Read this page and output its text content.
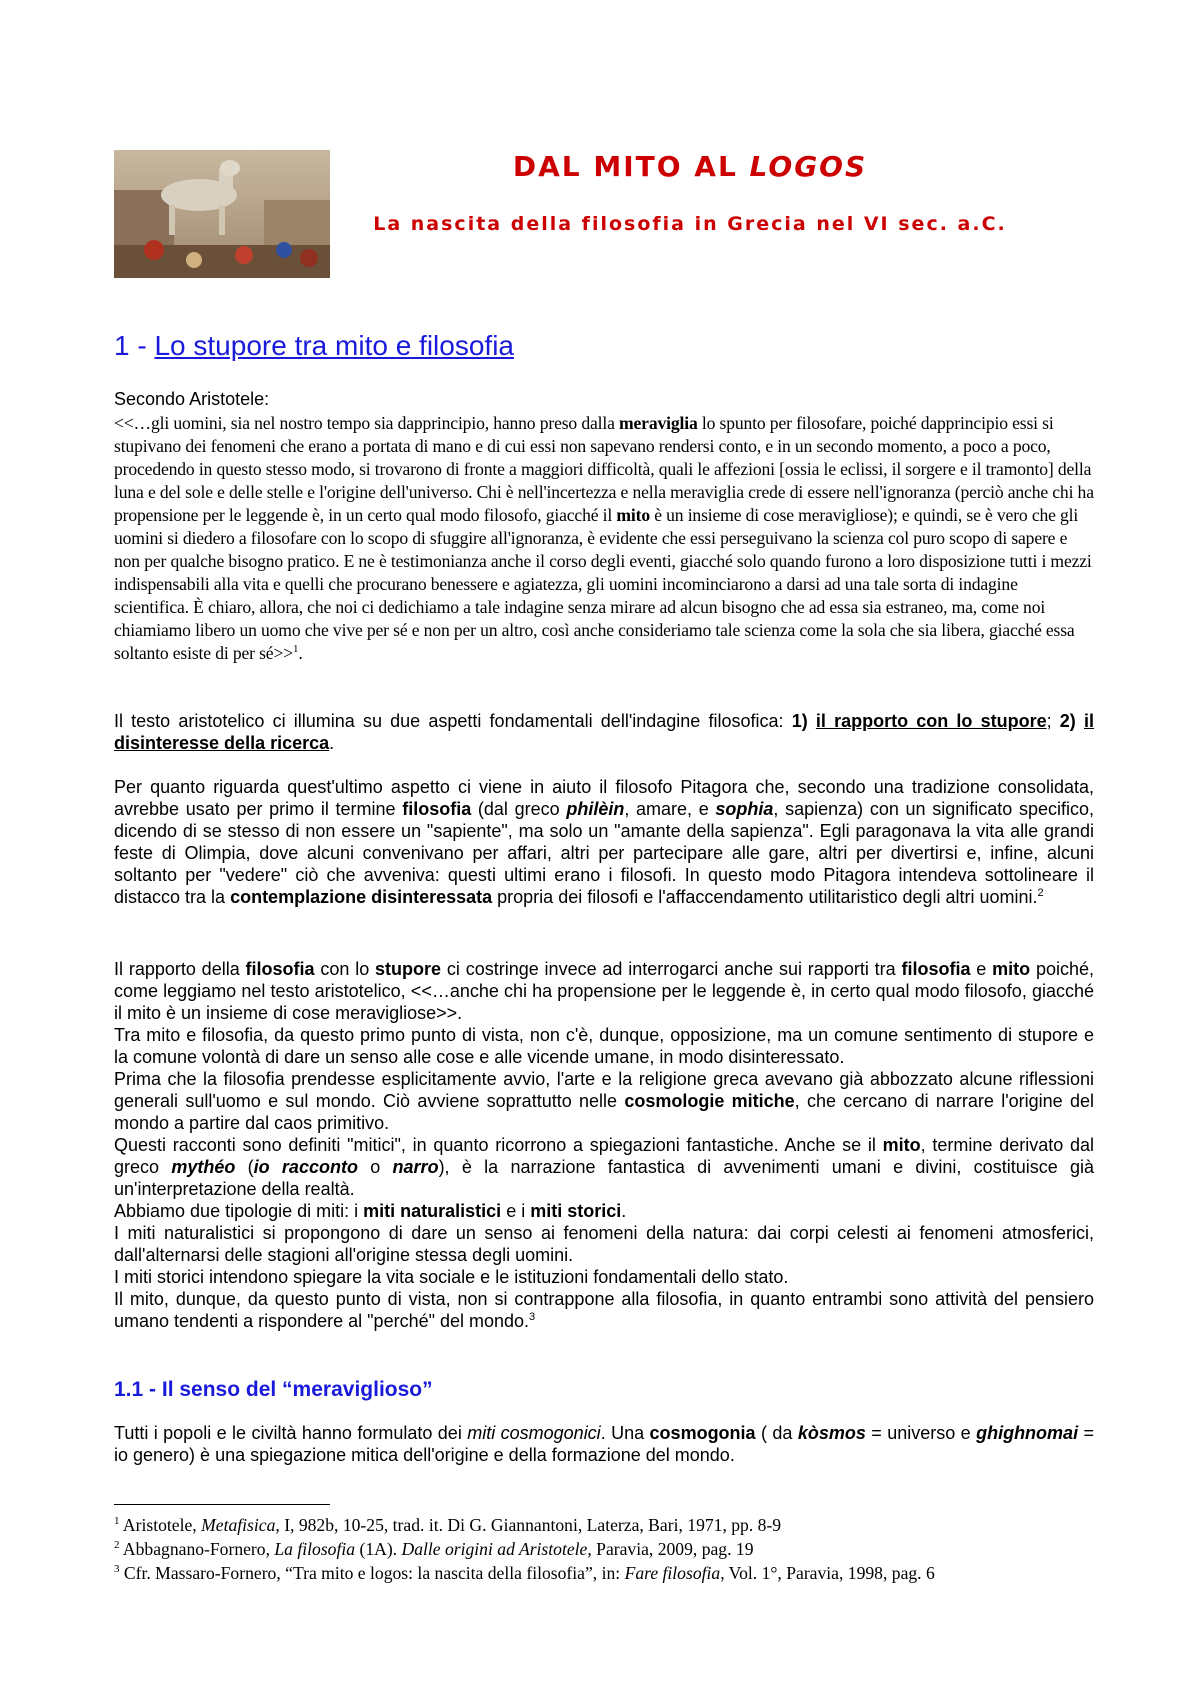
DAL MITO AL LOGOS
La nascita della filosofia in Grecia nel VI sec. a.C.
1 - Lo stupore tra mito e filosofia

Secondo Aristotele:

<<…gli uomini, sia nel nostro tempo sia dapprincipio, hanno preso dalla meraviglia lo spunto per filosofare, poiché dapprincipio essi si stupivano dei fenomeni che erano a portata di mano e di cui essi non sapevano rendersi conto, e in un secondo momento, a poco a poco, procedendo in questo stesso modo, si trovarono di fronte a maggiori difficoltà, quali le affezioni [ossia le eclissi, il sorgere e il tramonto] della luna e del sole e delle stelle e l'origine dell'universo. Chi è nell'incertezza e nella meraviglia crede di essere nell'ignoranza (perciò anche chi ha propensione per le leggende è, in un certo qual modo filosofo, giacché il mito è un insieme di cose meravigliose); e quindi, se è vero che gli uomini si diedero a filosofare con lo scopo di sfuggire all'ignoranza, è evidente che essi perseguivano la scienza col puro scopo di sapere e non per qualche bisogno pratico. E ne è testimonianza anche il corso degli eventi, giacché solo quando furono a loro disposizione tutti i mezzi indispensabili alla vita e quelli che procurano benessere e agiatezza, gli uomini incominciarono a darsi ad una tale sorta di indagine scientifica. È chiaro, allora, che noi ci dedichiamo a tale indagine senza mirare ad alcun bisogno che ad essa sia estraneo, ma, come noi chiamiamo libero un uomo che vive per sé e non per un altro, così anche consideriamo tale scienza come la sola che sia libera, giacché essa soltanto esiste di per sé>>$^1$.

Il testo aristotelico ci illumina su due aspetti fondamentali dell'indagine filosofica: 1) il rapporto con lo stupore; 2) il disinteresse della ricerca.

Per quanto riguarda quest'ultimo aspetto ci viene in aiuto il filosofo Pitagora che, secondo una tradizione consolidata, avrebbe usato per primo il termine filosofia (dal greco philèin, amare, e sophia, sapienza) con un significato specifico, dicendo di se stesso di non essere un "sapiente", ma solo un "amante della sapienza". Egli paragonava la vita alle grandi feste di Olimpia, dove alcuni convenivano per affari, altri per partecipare alle gare, altri per divertirsi e, infine, alcuni soltanto per "vedere" ciò che avveniva: questi ultimi erano i filosofi. In questo modo Pitagora intendeva sottolineare il distacco tra la contemplazione disinteressata propria dei filosofi e l'affaccendamento utilitaristico degli altri uomini.$^2$

Il rapporto della filosofia con lo stupore ci costringe invece ad interrogarci anche sui rapporti tra filosofia e mito poiché, come leggiamo nel testo aristotelico, <<…anche chi ha propensione per le leggende è, in certo qual modo filosofo, giacché il mito è un insieme di cose meravigliose>>.
Tra mito e filosofia, da questo primo punto di vista, non c'è, dunque, opposizione, ma un comune sentimento di stupore e la comune volontà di dare un senso alle cose e alle vicende umane, in modo disinteressato.
Prima che la filosofia prendesse esplicitamente avvio, l'arte e la religione greca avevano già abbozzato alcune riflessioni generali sull'uomo e sul mondo. Ciò avviene soprattutto nelle cosmologie mitiche, che cercano di narrare l'origine del mondo a partire dal caos primitivo.
Questi racconti sono definiti "mitici", in quanto ricorrono a spiegazioni fantastiche. Anche se il mito, termine derivato dal greco mythéo (io racconto o narro), è la narrazione fantastica di avvenimenti umani e divini, costituisce già un'interpretazione della realtà.
Abbiamo due tipologie di miti: i miti naturalistici e i miti storici.
I miti naturalistici si propongono di dare un senso ai fenomeni della natura: dai corpi celesti ai fenomeni atmosferici, dall'alternarsi delle stagioni all'origine stessa degli uomini.
I miti storici intendono spiegare la vita sociale e le istituzioni fondamentali dello stato.
Il mito, dunque, da questo punto di vista, non si contrappone alla filosofia, in quanto entrambi sono attività del pensiero umano tendenti a rispondere al "perché" del mondo.$^3$
1.1 - Il senso del “meraviglioso”

Tutti i popoli e le civiltà hanno formulato dei miti cosmogonici. Una cosmogonia ( da kòsmos = universo e ghighnomai = io genero) è una spiegazione mitica dell'origine e della formazione del mondo.

$^1$ Aristotele, Metafisica, I, 982b, 10-25, trad. it. Di G. Giannantoni, Laterza, Bari, 1971, pp. 8-9
$^2$ Abbagnano-Fornero, La filosofia (1A). Dalle origini ad Aristotele, Paravia, 2009, pag. 19
$^3$ Cfr. Massaro-Fornero, “Tra mito e logos: la nascita della filosofia”, in: Fare filosofia, Vol. 1°, Paravia, 1998, pag. 6
